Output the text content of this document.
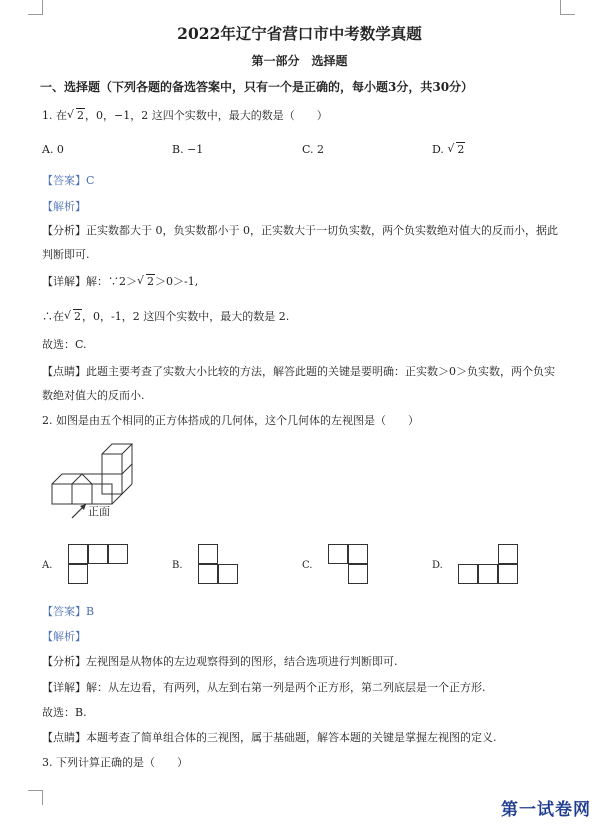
2022年辽宁省营口市中考数学真题
第一部分　选择题
一、选择题（下列各题的备选答案中，只有一个是正确的，每小题3分，共30分）
1. 在 √ 2，0，−1，2 这四个实数中，最大的数是（　　）
A. 0	B. −1	C. 2	D. √ 2
【答案】C
【解析】
【分析】正实数都大于 0，负实数都小于 0，正实数大于一切负实数，两个负实数绝对值大的反而小，据此
判断即可.
【详解】解：∵2＞ √ 2＞0＞-1,
∴在 √ 2，0，-1，2 这四个实数中，最大的数是 2.
故选：C.
【点睛】此题主要考查了实数大小比较的方法，解答此题的关键是要明确：正实数＞0＞负实数，两个负实
数绝对值大的反而小.
2. 如图是由五个相同的正方体搭成的几何体，这个几何体的左视图是（　　）
正面
A.	B.	C.	D.
【答案】B
【解析】
【分析】左视图是从物体的左边观察得到的图形，结合选项进行判断即可.
【详解】解：从左边看，有两列，从左到右第一列是两个正方形，第二列底层是一个正方形.
故选：B.
【点睛】本题考查了简单组合体的三视图，属于基础题，解答本题的关键是掌握左视图的定义.
3. 下列计算正确的是（　　）
第一试卷网
